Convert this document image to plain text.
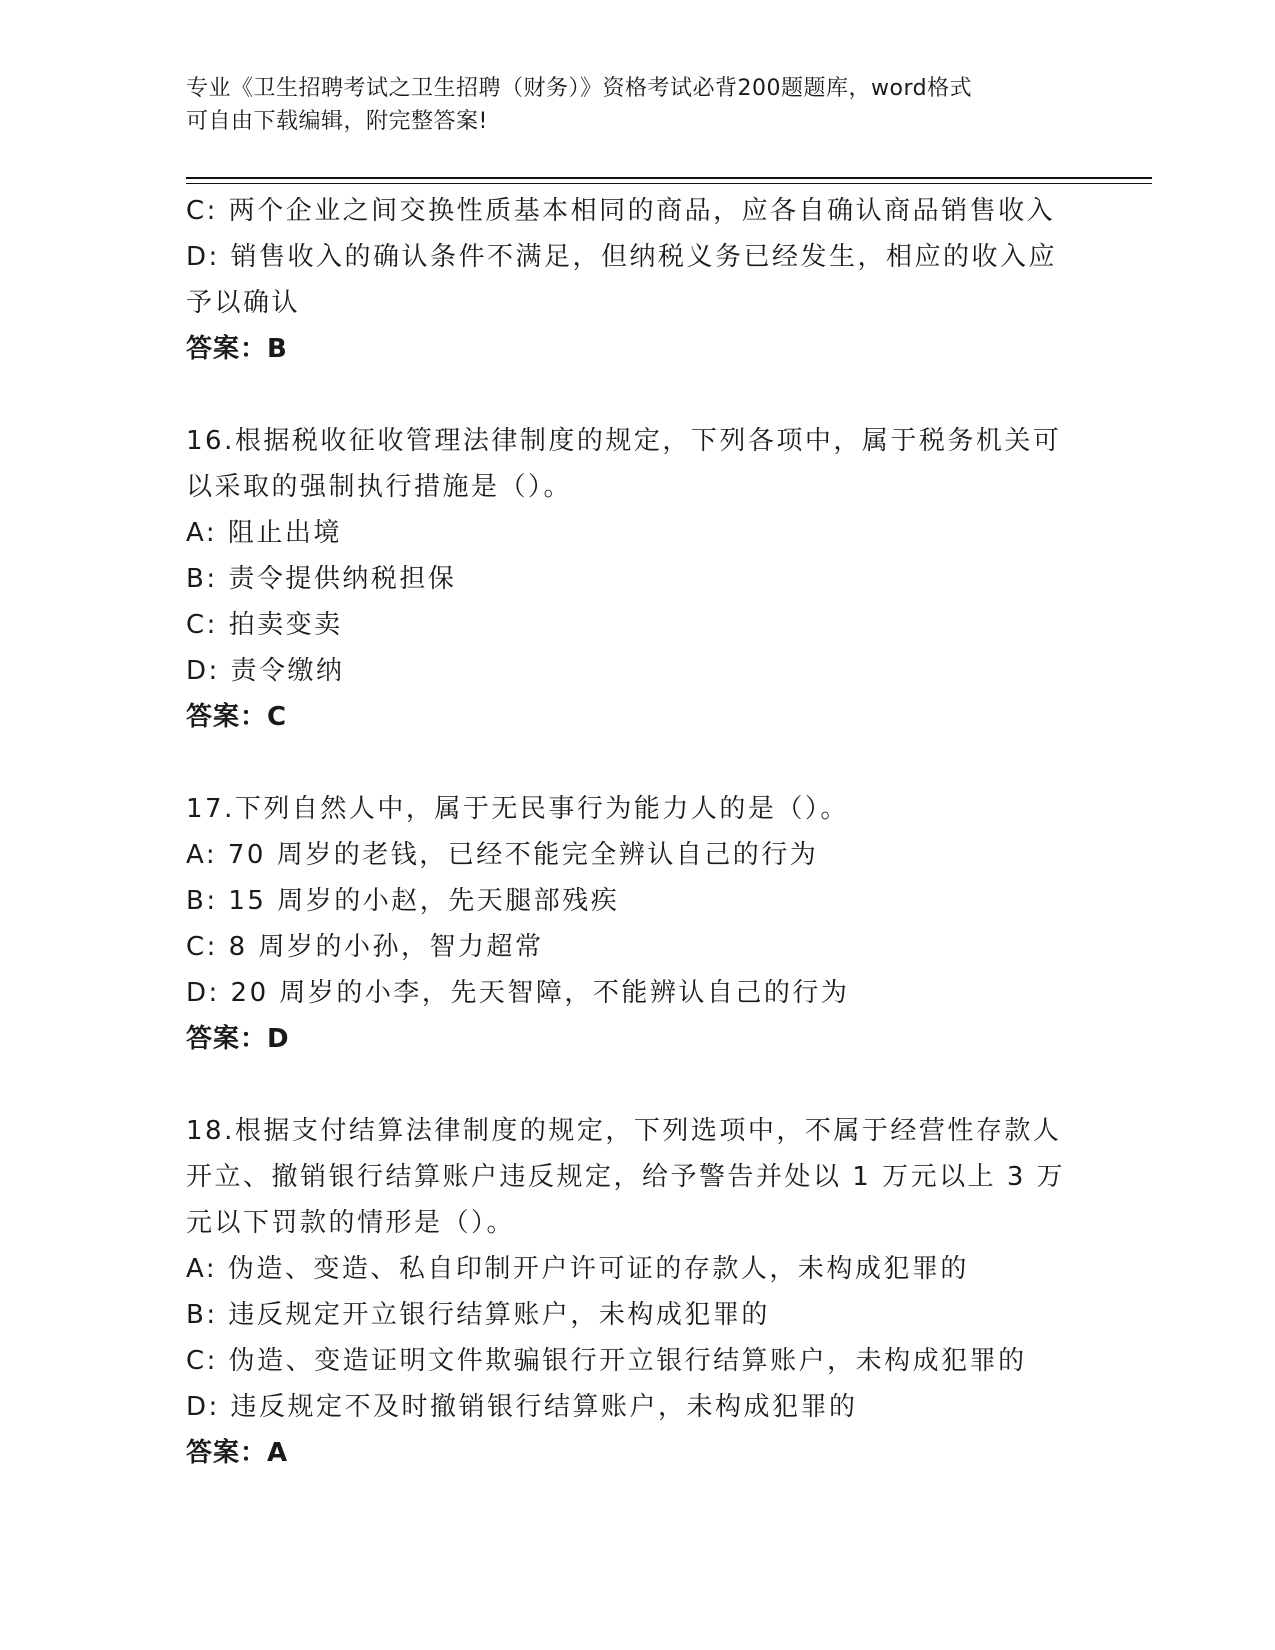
专业《卫生招聘考试之卫生招聘（财务）》资格考试必背200题题库，word格式

可自由下载编辑，附完整答案!

C: 两个企业之间交换性质基本相同的商品，应各自确认商品销售收入

D: 销售收入的确认条件不满足，但纳税义务已经发生，相应的收入应

予以确认

答案：B

16.根据税收征收管理法律制度的规定，下列各项中，属于税务机关可

以采取的强制执行措施是（）。

A: 阻止出境

B: 责令提供纳税担保

C: 拍卖变卖

D: 责令缴纳

答案：C

17.下列自然人中，属于无民事行为能力人的是（）。

A: 70 周岁的老钱，已经不能完全辨认自己的行为

B: 15 周岁的小赵，先天腿部残疾

C: 8 周岁的小孙，智力超常

D: 20 周岁的小李，先天智障，不能辨认自己的行为

答案：D

18.根据支付结算法律制度的规定，下列选项中，不属于经营性存款人

开立、撤销银行结算账户违反规定，给予警告并处以 1 万元以上 3 万

元以下罚款的情形是（）。

A: 伪造、变造、私自印制开户许可证的存款人，未构成犯罪的

B: 违反规定开立银行结算账户，未构成犯罪的

C: 伪造、变造证明文件欺骗银行开立银行结算账户，未构成犯罪的

D: 违反规定不及时撤销银行结算账户，未构成犯罪的

答案：A
